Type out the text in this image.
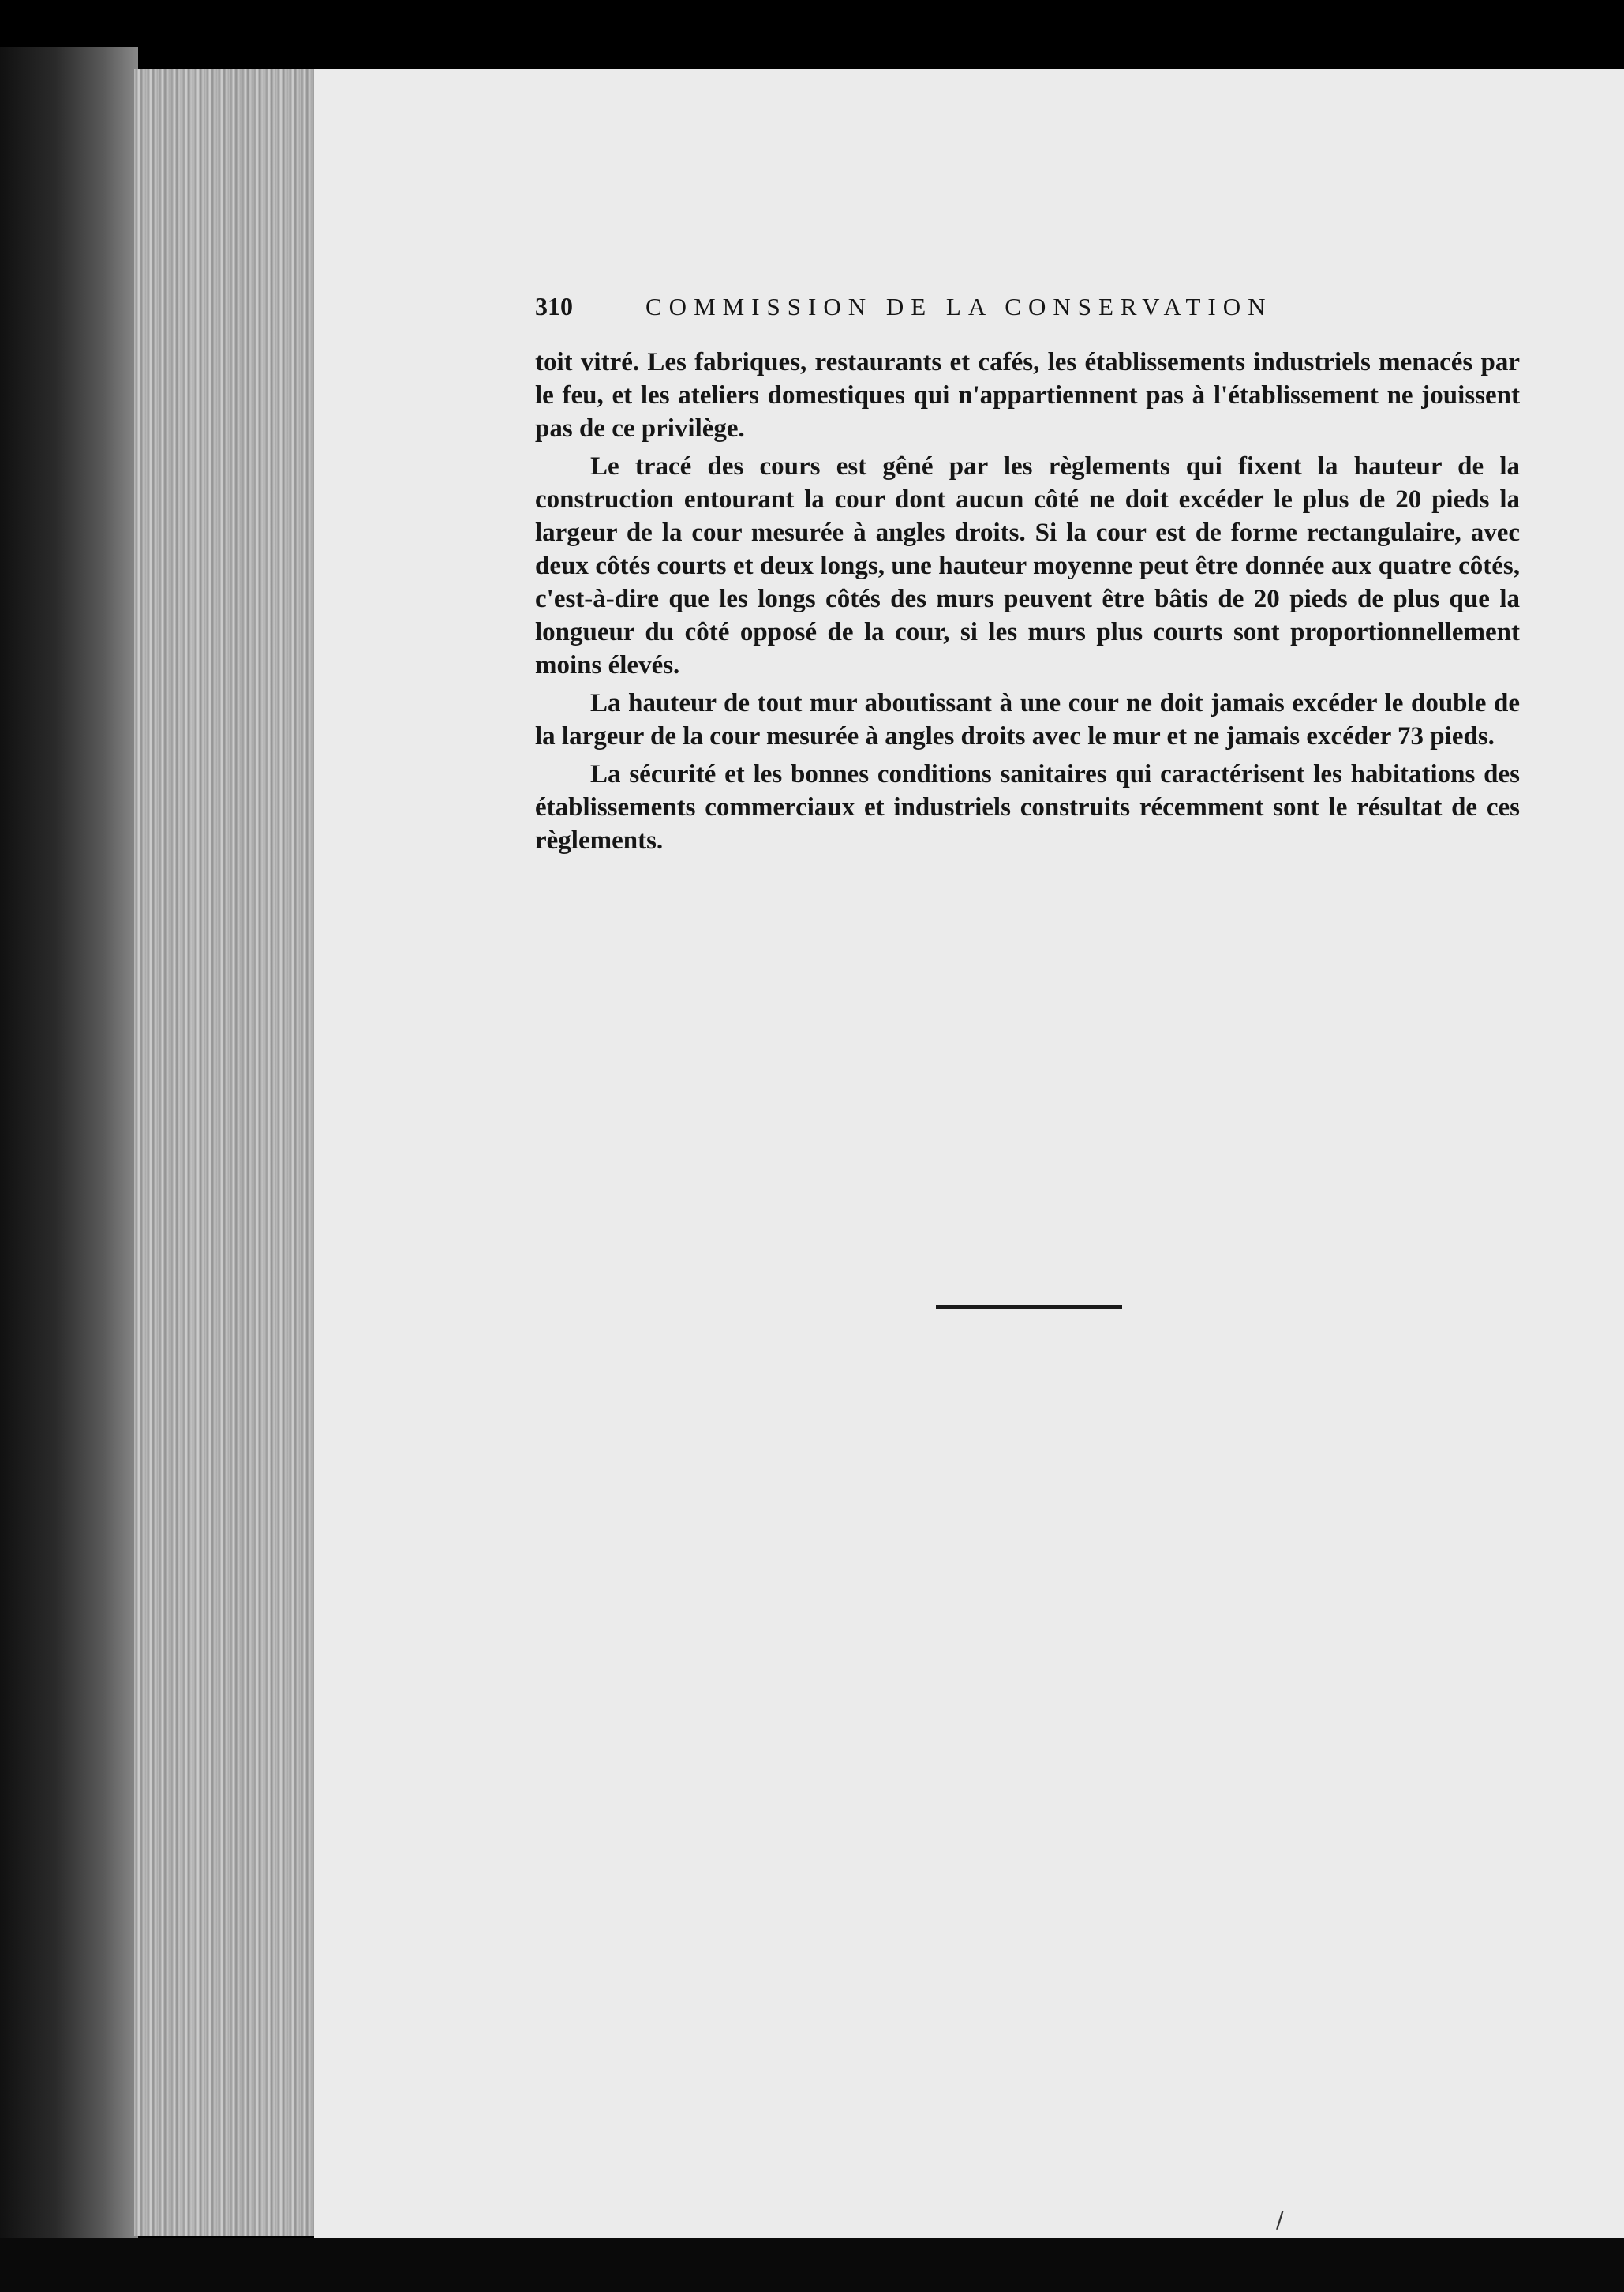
310	COMMISSION DE LA CONSERVATION

toit vitré. Les fabriques, restaurants et cafés, les établissements industriels menacés par le feu, et les ateliers domestiques qui n'appartiennent pas à l'établissement ne jouissent pas de ce privilège.

Le tracé des cours est gêné par les règlements qui fixent la hauteur de la construction entourant la cour dont aucun côté ne doit excéder le plus de 20 pieds la largeur de la cour mesurée à angles droits. Si la cour est de forme rectangulaire, avec deux côtés courts et deux longs, une hauteur moyenne peut être donnée aux quatre côtés, c'est-à-dire que les longs côtés des murs peuvent être bâtis de 20 pieds de plus que la longueur du côté opposé de la cour, si les murs plus courts sont proportionnellement moins élevés.

La hauteur de tout mur aboutissant à une cour ne doit jamais excéder le double de la largeur de la cour mesurée à angles droits avec le mur et ne jamais excéder 73 pieds.

La sécurité et les bonnes conditions sanitaires qui caractérisent les habitations des établissements commerciaux et industriels construits récemment sont le résultat de ces règlements.

/
